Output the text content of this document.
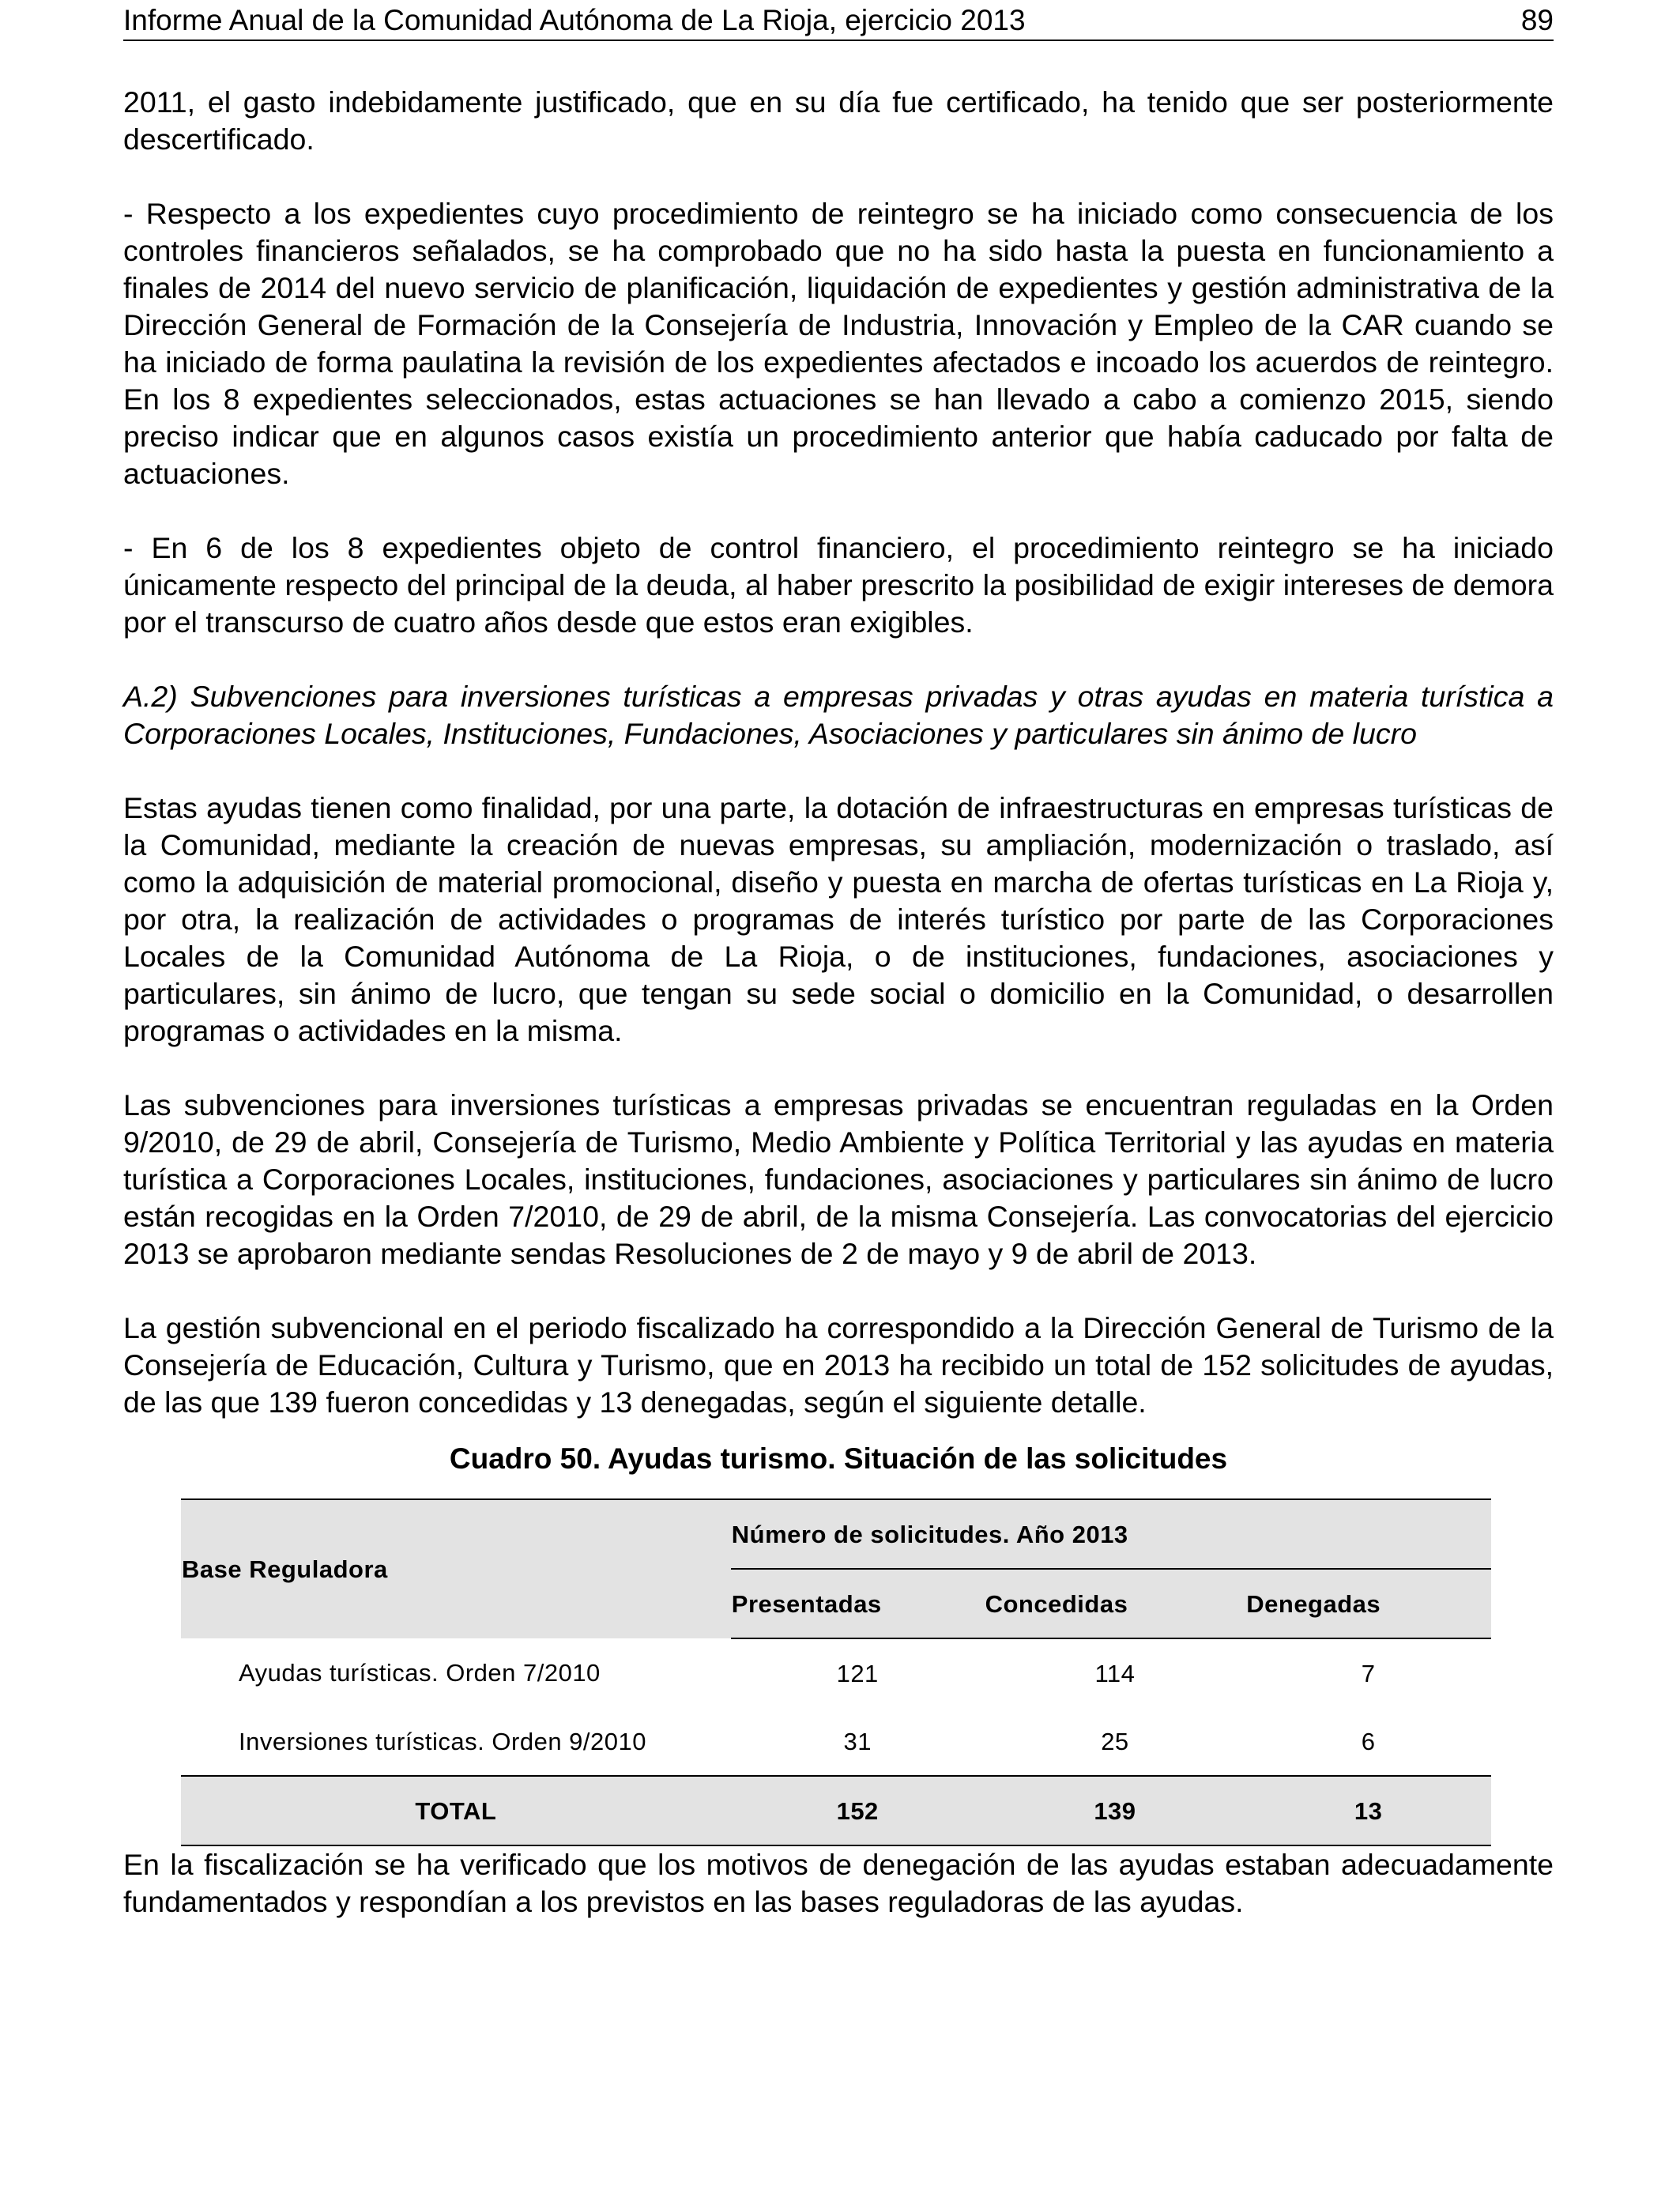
Informe Anual de la Comunidad Autónoma de La Rioja, ejercicio 2013	89

2011, el gasto indebidamente justificado, que en su día fue certificado, ha tenido que ser posteriormente descertificado.

- Respecto a los expedientes cuyo procedimiento de reintegro se ha iniciado como consecuencia de los controles financieros señalados, se ha comprobado que no ha sido hasta la puesta en funcionamiento a finales de 2014 del nuevo servicio de planificación, liquidación de expedientes y gestión administrativa de la Dirección General de Formación de la Consejería de Industria, Innovación y Empleo de la CAR cuando se ha iniciado de forma paulatina la revisión de los expedientes afectados e incoado los acuerdos de reintegro. En los 8 expedientes seleccionados, estas actuaciones se han llevado a cabo a comienzo 2015, siendo preciso indicar que en algunos casos existía un procedimiento anterior que había caducado por falta de actuaciones.

- En 6 de los 8 expedientes objeto de control financiero, el procedimiento reintegro se ha iniciado únicamente respecto del principal de la deuda, al haber prescrito la posibilidad de exigir intereses de demora por el transcurso de cuatro años desde que estos eran exigibles.

A.2) Subvenciones para inversiones turísticas a empresas privadas y otras ayudas en materia turística a Corporaciones Locales, Instituciones, Fundaciones, Asociaciones y particulares sin ánimo de lucro

Estas ayudas tienen como finalidad, por una parte, la dotación de infraestructuras en empresas turísticas de la Comunidad, mediante la creación de nuevas empresas, su ampliación, modernización o traslado, así como la adquisición de material promocional, diseño y puesta en marcha de ofertas turísticas en La Rioja y, por otra, la realización de actividades o programas de interés turístico por parte de las Corporaciones Locales de la Comunidad Autónoma de La Rioja, o de instituciones, fundaciones, asociaciones y particulares, sin ánimo de lucro, que tengan su sede social o domicilio en la Comunidad, o desarrollen programas o actividades en la misma.

Las subvenciones para inversiones turísticas a empresas privadas se encuentran reguladas en la Orden 9/2010, de 29 de abril, Consejería de Turismo, Medio Ambiente y Política Territorial y las ayudas en materia turística a Corporaciones Locales, instituciones, fundaciones, asociaciones y particulares sin ánimo de lucro están recogidas en la Orden 7/2010, de 29 de abril, de la misma Consejería. Las convocatorias del ejercicio 2013 se aprobaron mediante sendas Resoluciones de 2 de mayo y 9 de abril de 2013.

La gestión subvencional en el periodo fiscalizado ha correspondido a la Dirección General de Turismo de la Consejería de Educación, Cultura y Turismo, que en 2013 ha recibido un total de 152 solicitudes de ayudas, de las que 139 fueron concedidas y 13 denegadas, según el siguiente detalle.

Cuadro 50. Ayudas turismo. Situación de las solicitudes
Base Reguladora	Número de solicitudes. Año 2013		
	Presentadas	Concedidas	Denegadas
Ayudas turísticas. Orden 7/2010	121	114	7
Inversiones turísticas. Orden 9/2010	31	25	6
TOTAL	152	139	13

En la fiscalización se ha verificado que los motivos de denegación de las ayudas estaban adecuadamente fundamentados y respondían a los previstos en las bases reguladoras de las ayudas.
